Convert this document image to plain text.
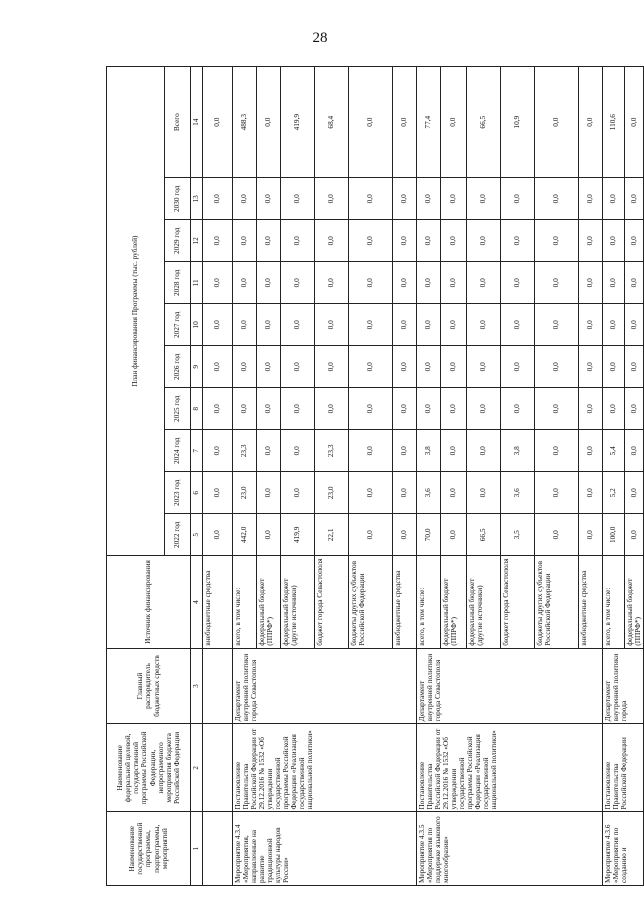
28
Наименование государственной программы, подпрограммы, мероприятий	Наименование федеральной целевой, государственной программы Российской Федерации, непрограммного мероприятия бюджета Российской Федерации	Главный распорядитель бюджетных средств	Источник финансирования	План финансирования Программы (тыс. рублей)									
				2022 год	2023 год	2024 год	2025 год	2026 год	2027 год	2028 год	2029 год	2030 год	Всего
1	2	3	4	5	6	7	8	9	10	11	12	13	14
			внебюджетные средства	0,0	0,0	0,0	0,0	0,0	0,0	0,0	0,0	0,0	0,0
Мероприятие 4.3.4 «Мероприятия, направленные на развитие традиционной культуры народов России»	Постановление Правительства Российской Федерации от 29.12.2016 № 1532 «Об утверждении государственной программы Российской Федерации «Реализация государственной национальной политики»	Департамент внутренней политики города Севастополя	всего, в том числе:	442,0	23,0	23,3	0,0	0,0	0,0	0,0	0,0	0,0	488,3
			федеральный бюджет (ППРФ*)	0,0	0,0	0,0	0,0	0,0	0,0	0,0	0,0	0,0	0,0
			федеральный бюджет (другие источники)	419,9	0,0	0,0	0,0	0,0	0,0	0,0	0,0	0,0	419,9
			бюджет города Севастополя	22,1	23,0	23,3	0,0	0,0	0,0	0,0	0,0	0,0	68,4
			бюджеты других субъектов Российской Федерации	0,0	0,0	0,0	0,0	0,0	0,0	0,0	0,0	0,0	0,0
			внебюджетные средства	0,0	0,0	0,0	0,0	0,0	0,0	0,0	0,0	0,0	0,0
Мероприятие 4.3.5 «Мероприятия по поддержке языкового многообразия»	Постановление Правительства Российской Федерации от 29.12.2016 № 1532 «Об утверждении государственной программы Российской Федерации «Реализация государственной национальной политики»	Департамент внутренней политики города Севастополя	всего, в том числе:	70,0	3,6	3,8	0,0	0,0	0,0	0,0	0,0	0,0	77,4
			федеральный бюджет (ППРФ*)	0,0	0,0	0,0	0,0	0,0	0,0	0,0	0,0	0,0	0,0
			федеральный бюджет (другие источники)	66,5	0,0	0,0	0,0	0,0	0,0	0,0	0,0	0,0	66,5
			бюджет города Севастополя	3,5	3,6	3,8	0,0	0,0	0,0	0,0	0,0	0,0	10,9
			бюджеты других субъектов Российской Федерации	0,0	0,0	0,0	0,0	0,0	0,0	0,0	0,0	0,0	0,0
			внебюджетные средства	0,0	0,0	0,0	0,0	0,0	0,0	0,0	0,0	0,0	0,0
Мероприятие 4.3.6 «Мероприятия по созданию и	Постановление Правительства Российской Федерации	Департамент внутренней политики города	всего, в том числе:	100,0	5,2	5,4	0,0	0,0	0,0	0,0	0,0	0,0	110,6
			федеральный бюджет (ППРФ*)	0,0	0,0	0,0	0,0	0,0	0,0	0,0	0,0	0,0	0,0
